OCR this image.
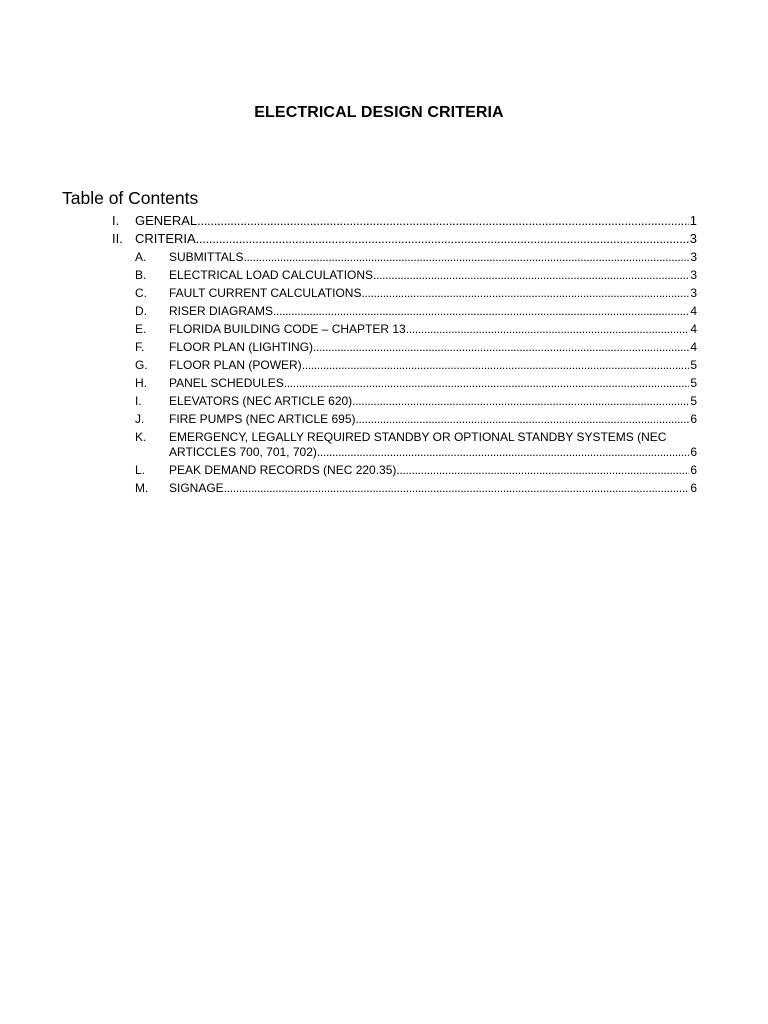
ELECTRICAL DESIGN CRITERIA
Table of Contents
I.	GENERAL .....	1
II. CRITERIA .....	3
A.	SUBMITTALS .....	3
B.	ELECTRICAL LOAD CALCULATIONS .....	3
C.	FAULT CURRENT CALCULATIONS .....	3
D.	RISER DIAGRAMS .....	4
E.	FLORIDA BUILDING CODE – CHAPTER 13 .....	4
F.	FLOOR PLAN (LIGHTING) .....	4
G.	FLOOR PLAN (POWER) .....	5
H.	PANEL SCHEDULES .....	5
I.	ELEVATORS (NEC ARTICLE 620) .....	5
J.	FIRE PUMPS (NEC ARTICLE 695) .....	6
K.	EMERGENCY, LEGALLY REQUIRED STANDBY OR OPTIONAL STANDBY SYSTEMS (NEC
ARTICCLES 700, 701, 702) .....	6
L.	PEAK DEMAND RECORDS (NEC 220.35) .....	6
M.	SIGNAGE .....	6
